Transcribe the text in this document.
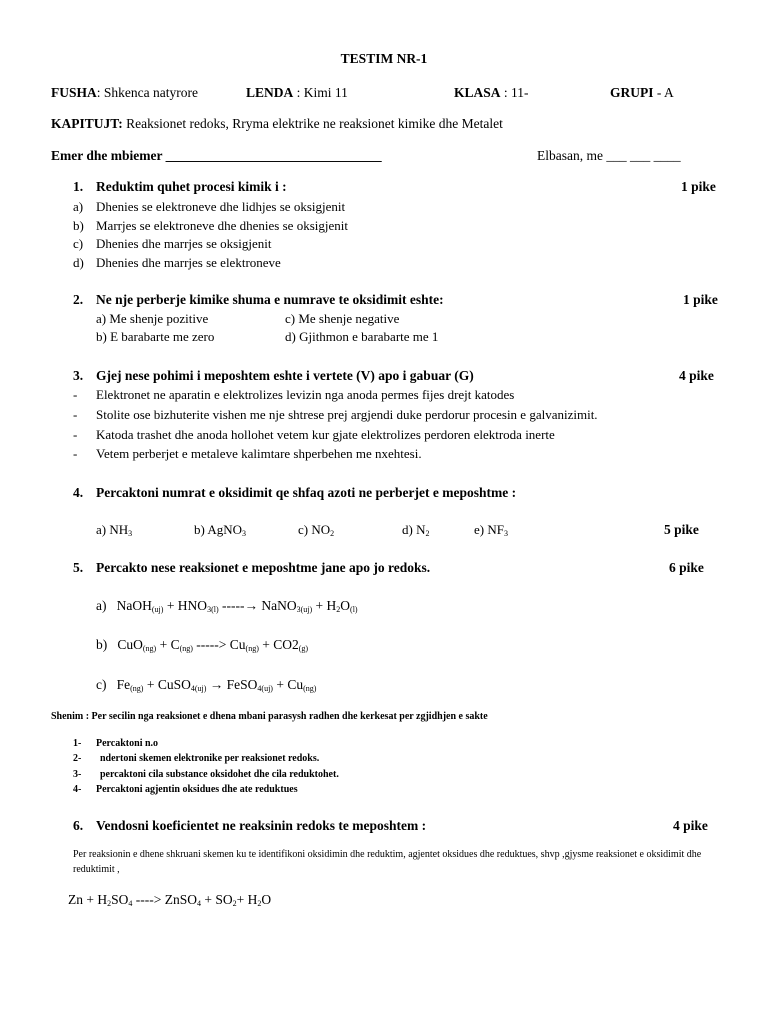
TESTIM NR-1
FUSHA: Shkenca natyrore	LENDA : Kimi 11	KLASA : 11-	GRUPI - A
KAPITUJT: Reaksionet redoks, Rryma elektrike ne reaksionet kimike dhe Metalet
Emer dhe mbiemer ________________________________	Elbasan, me ___ ___ ____
1. Reduktim quhet procesi kimik i :	1 pike
a) Dhenies se elektroneve dhe lidhjes se oksigjenit
b) Marrjes se elektroneve dhe dhenies se oksigjenit
c) Dhenies dhe marrjes se oksigjenit
d) Dhenies dhe marrjes se elektroneve
2. Ne nje perberje kimike shuma e numrave te oksidimit eshte:	1 pike
a) Me shenje pozitive	c) Me shenje negative
b) E barabarte me zero	d) Gjithmon e barabarte me 1
3. Gjej nese pohimi i meposhtem eshte i vertete (V) apo i gabuar (G)	4 pike
- Elektronet ne aparatin e elektrolizes levizin nga anoda permes fijes drejt katodes
- Stolite ose bizhuterite vishen me nje shtrese prej argjendi duke perdorur procesin e galvanizimit.
- Katoda trashet dhe anoda hollohet vetem kur gjate elektrolizes perdoren elektroda inerte
- Vetem perberjet e metaleve kalimtare shperbehen me nxehtesi.
4. Percaktoni numrat e oksidimit qe shfaq azoti ne perberjet e meposhtme :
a) $NH_3$	b) AgNO$_3$	c) $NO_2$	d) $N_2$	e) $NF_3$	5 pike
5. Percakto nese reaksionet e meposhtme jane apo jo redoks.	6 pike
a) NaOH$_{(uj)}$ + $HNO_{3(l)}$ -----→ NaNO$_{3(uj)}$ + $H_2O_{(l)}$
b) $CuO_{(ng)} + C_{(ng)}$ -----> $Cu_{(ng)} + CO2_{(g)}$
c) $Fe_{(ng)}$ + CuSO$_{4(uj)}$ → FeSO$_{4(uj)}$ + $Cu_{(ng)}$
Shenim : Per secilin nga reaksionet e dhena mbani parasysh radhen dhe kerkesat per zgjidhjen e sakte
1- Percaktoni n.o
2- ndertoni skemen elektronike per reaksionet redoks.
3- percaktoni cila substance oksidohet dhe cila reduktohet.
4- Percaktoni agjentin oksidues dhe ate reduktues
6. Vendosni koeficientet ne reaksinin redoks te meposhtem :	4 pike
Per reaksionin e dhene shkruani skemen ku te identifikoni oksidimin dhe reduktim, agjentet oksidues dhe reduktues, shvp ,gjysme reaksionet e oksidimit dhe reduktimit ,
$Zn + H_2SO_4$ ----> ZnSO$_4$ + $SO_2+ H_2O$
